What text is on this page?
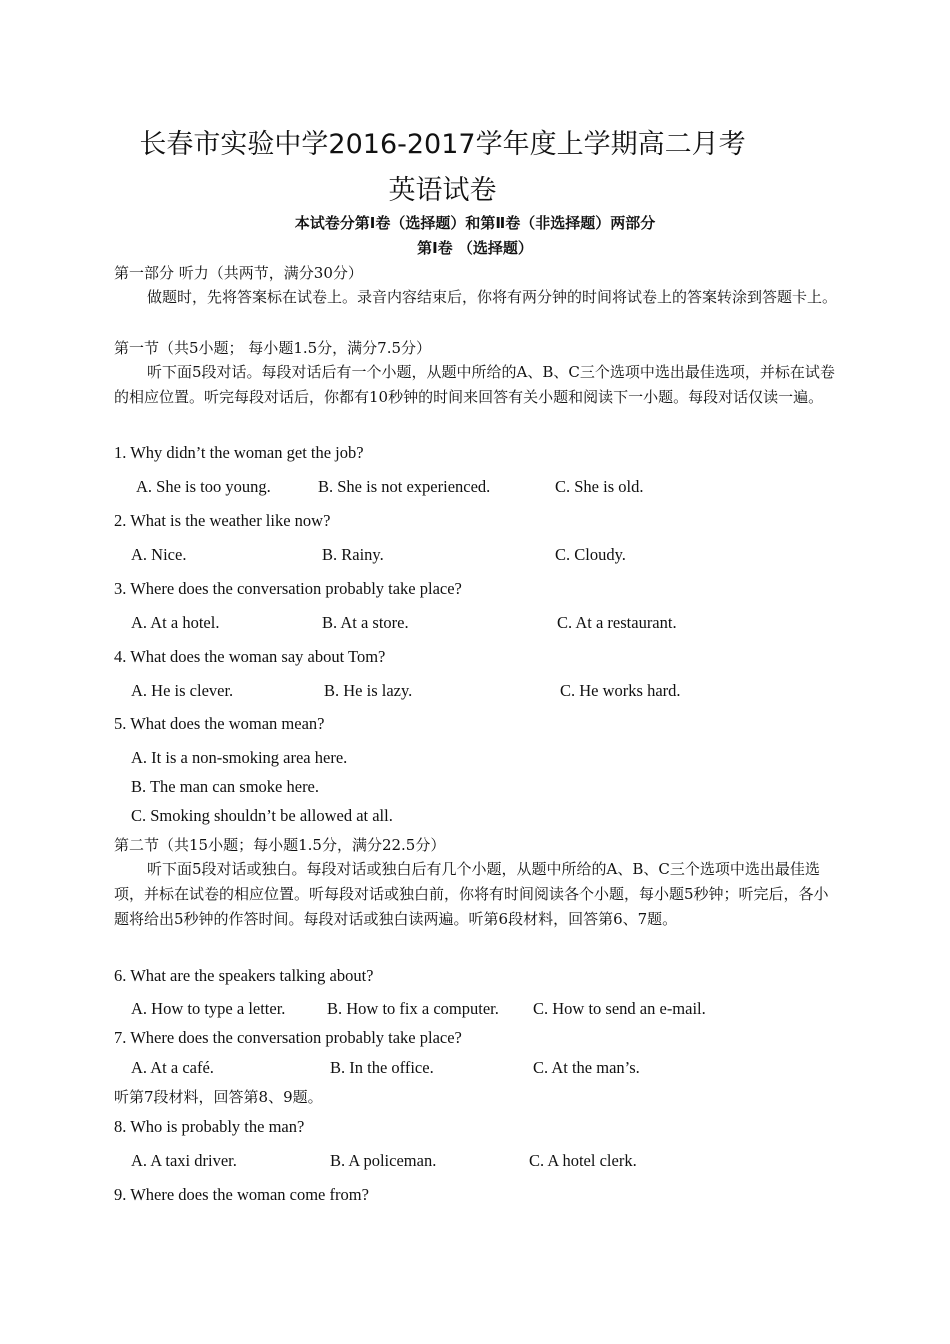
长春市实验中学2016-2017学年度上学期高二月考
英语试卷
本试卷分第Ⅰ卷（选择题）和第Ⅱ卷（非选择题）两部分
第Ⅰ卷 （选择题）
第一部分 听力（共两节，满分30分）
做题时，先将答案标在试卷上。录音内容结束后，你将有两分钟的时间将试卷上的答案转涂到答题卡上。
第一节（共5小题； 每小题1.5分，满分7.5分）
听下面5段对话。每段对话后有一个小题，从题中所给的A、B、C三个选项中选出最佳选项，并标在试卷的相应位置。听完每段对话后，你都有10秒钟的时间来回答有关小题和阅读下一小题。每段对话仅读一遍。
1. Why didn’t the woman get the job?
A. She is too young.	B. She is not experienced.	C. She is old.
2. What is the weather like now?
A. Nice.	B. Rainy.	C. Cloudy.
3. Where does the conversation probably take place?
A. At a hotel.	B. At a store.	C. At a restaurant.
4. What does the woman say about Tom?
A. He is clever.	B. He is lazy.	C. He works hard.
5. What does the woman mean?
A. It is a non-smoking area here.
B. The man can smoke here.
C. Smoking shouldn’t be allowed at all.
第二节（共15小题；每小题1.5分，满分22.5分）
听下面5段对话或独白。每段对话或独白后有几个小题，从题中所给的A、B、C三个选项中选出最佳选项，并标在试卷的相应位置。听每段对话或独白前，你将有时间阅读各个小题，每小题5秒钟；听完后，各小题将给出5秒钟的作答时间。每段对话或独白读两遍。听第6段材料，回答第6、7题。
6. What are the speakers talking about?
A. How to type a letter.	B. How to fix a computer. C. How to send an e-mail.
7. Where does the conversation probably take place?
A. At a café.	B. In the office.	C. At the man’s.
听第7段材料，回答第8、9题。
8. Who is probably the man?
A. A taxi driver.	B. A policeman.	C. A hotel clerk.
9. Where does the woman come from?
